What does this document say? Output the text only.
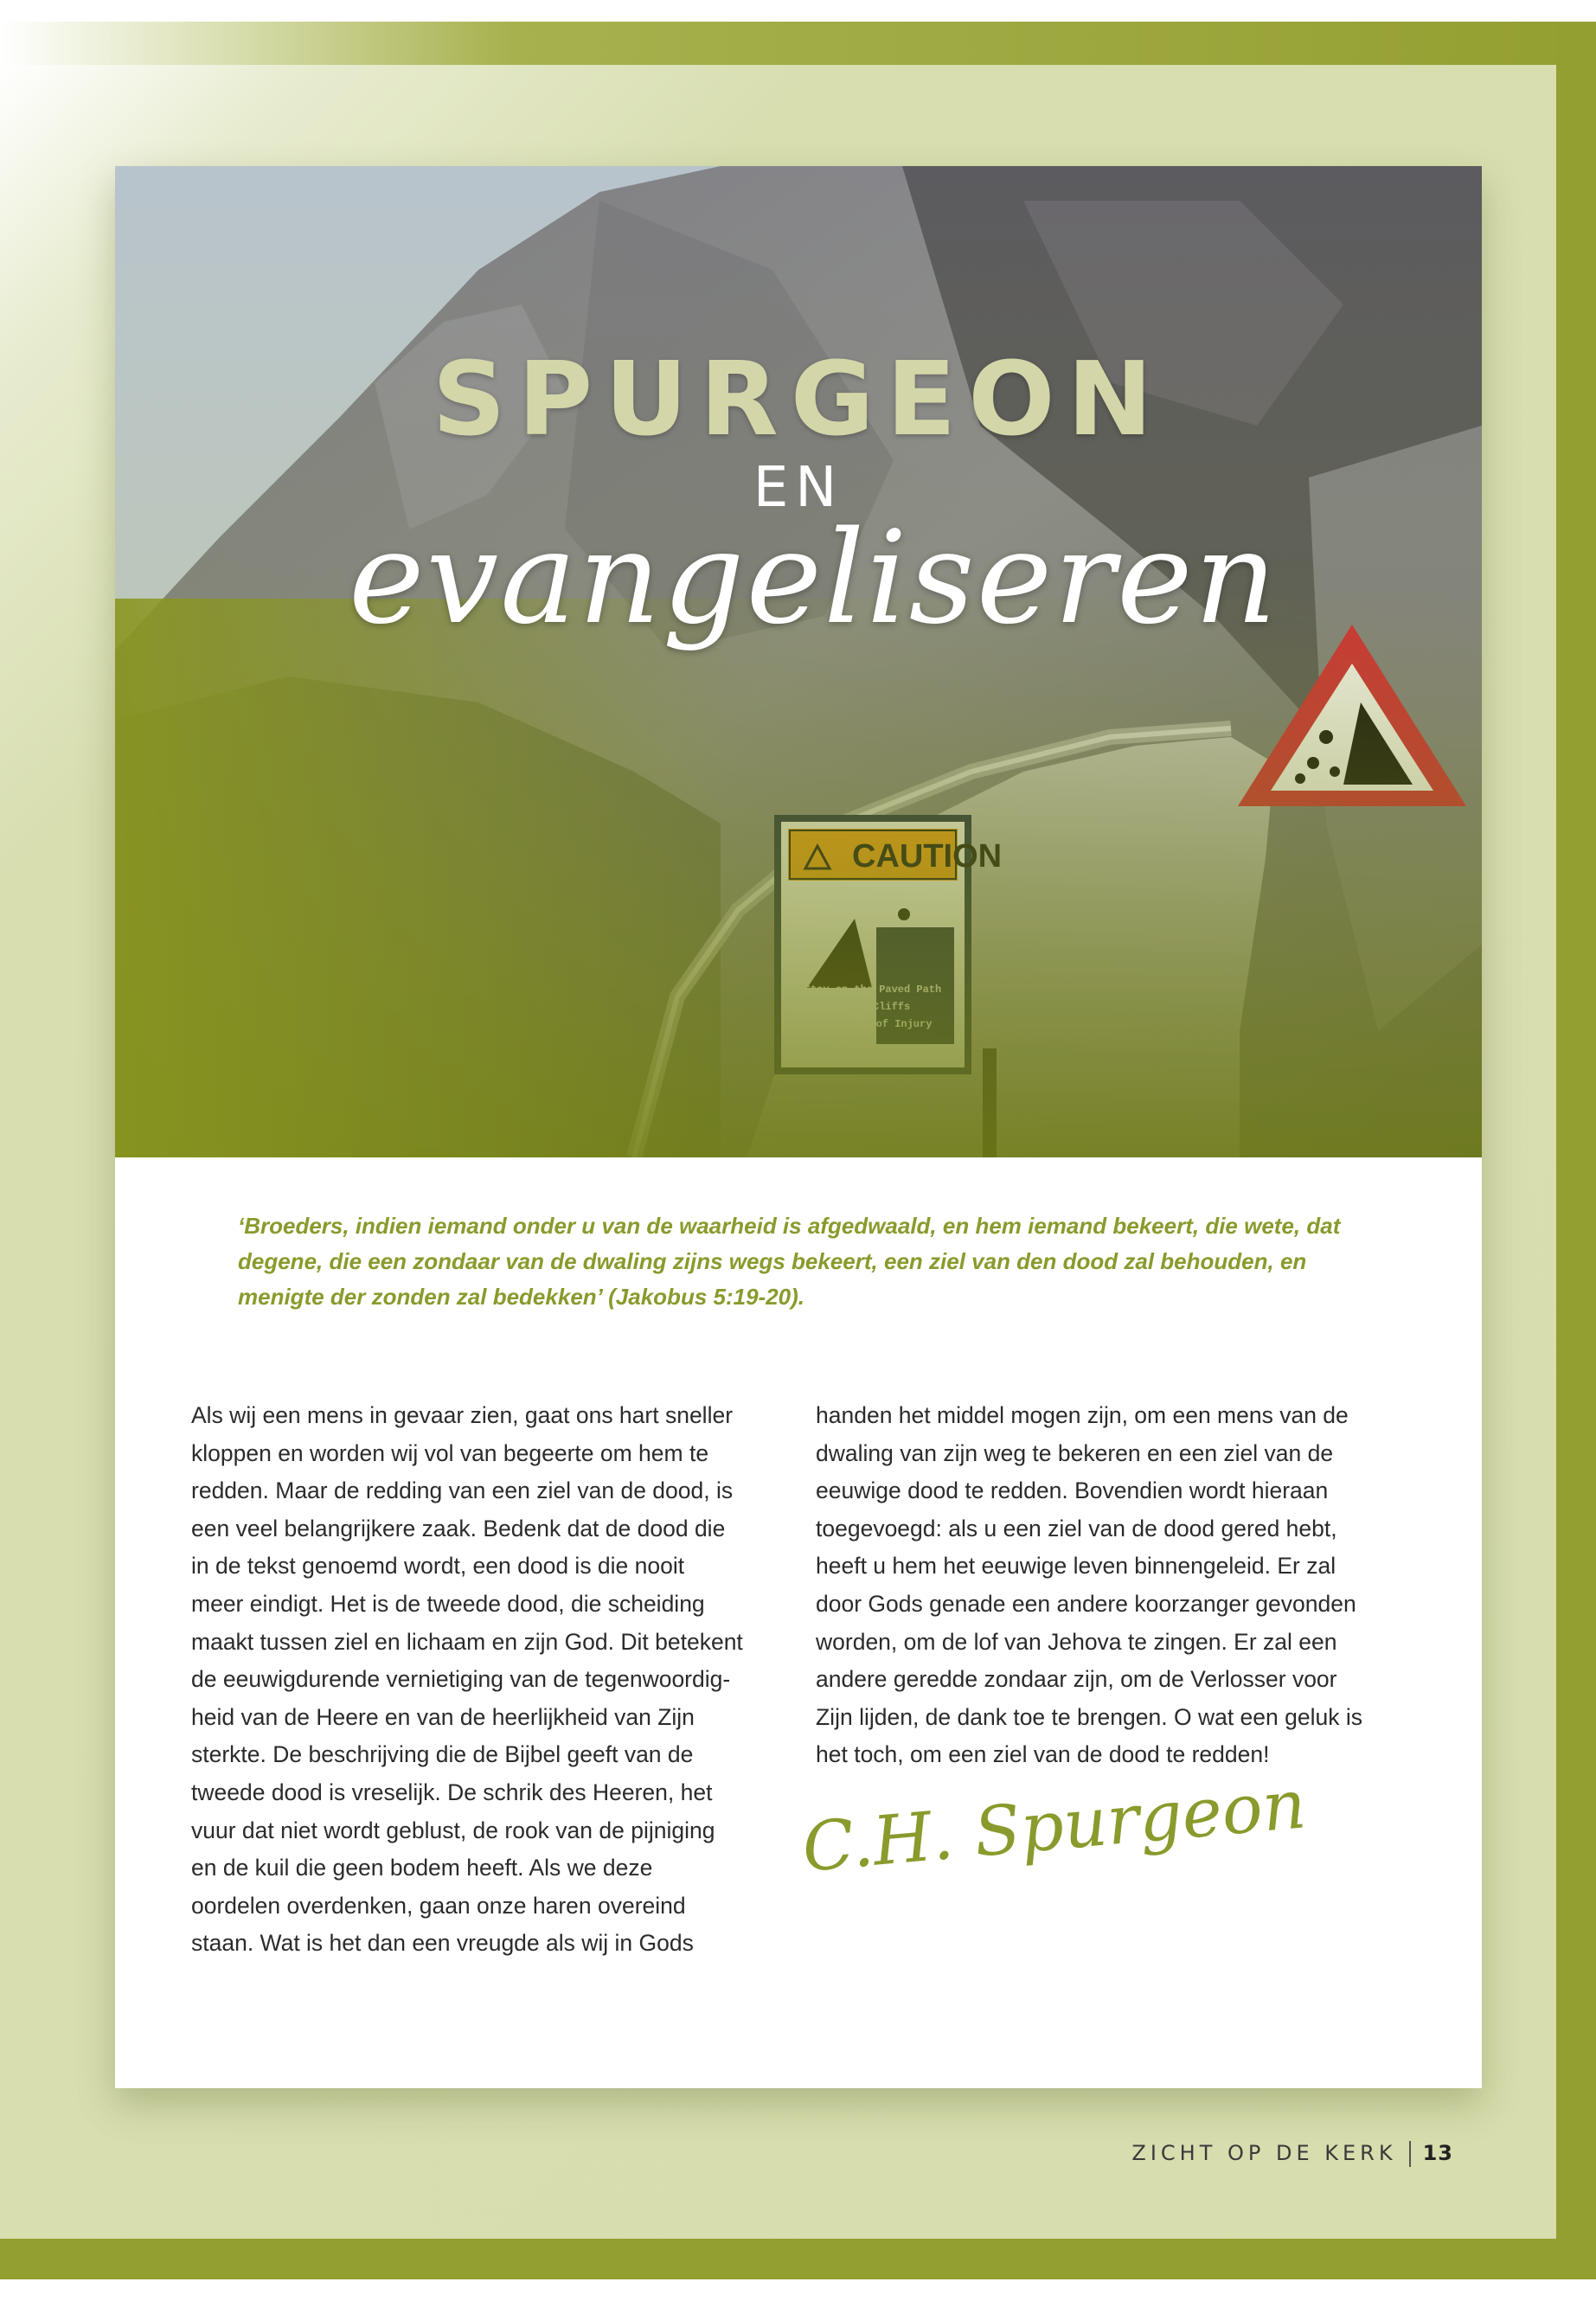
SPURGEON
EN
evangeliseren
‘Broeders, indien iemand onder u van de waarheid is afgedwaald, en hem iemand bekeert, die wete, dat degene, die een zondaar van de dwaling zijns wegs bekeert, een ziel van den dood zal behouden, en menigte der zonden zal bedekken’ (Jakobus 5:19-20).

Als wij een mens in gevaar zien, gaat ons hart sneller

kloppen en worden wij vol van begeerte om hem te

redden. Maar de redding van een ziel van de dood, is

een veel belangrijkere zaak. Bedenk dat de dood die

in de tekst genoemd wordt, een dood is die nooit

meer eindigt. Het is de tweede dood, die scheiding

maakt tussen ziel en lichaam en zijn God. Dit betekent

de eeuwigdurende vernietiging van de tegenwoordig-

heid van de Heere en van de heerlijkheid van Zijn

sterkte. De beschrijving die de Bijbel geeft van de

tweede dood is vreselijk. De schrik des Heeren, het

vuur dat niet wordt geblust, de rook van de pijniging

en de kuil die geen bodem heeft. Als we deze

oordelen overdenken, gaan onze haren overeind

staan. Wat is het dan een vreugde als wij in Gods

handen het middel mogen zijn, om een mens van de

dwaling van zijn weg te bekeren en een ziel van de

eeuwige dood te redden. Bovendien wordt hieraan

toegevoegd: als u een ziel van de dood gered hebt,

heeft u hem het eeuwige leven binnengeleid. Er zal

door Gods genade een andere koorzanger gevonden

worden, om de lof van Jehova te zingen. Er zal een

andere geredde zondaar zijn, om de Verlosser voor

Zijn lijden, de dank toe te brengen. O wat een geluk is

het toch, om een ziel van de dood te redden!

C.H. Spurgeon
ZICHT OP DE KERK 13
